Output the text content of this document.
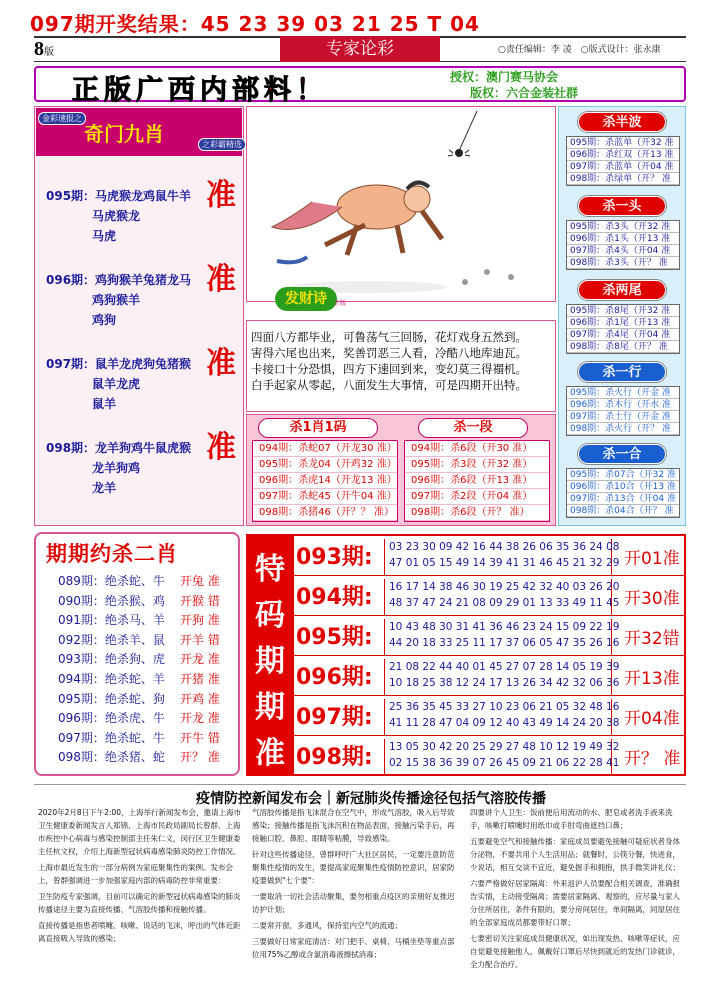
097期开奖结果：45 23 39 03 21 25 T 04
8版	专家论彩	○责任编辑：李 凌　○版式设计：张永康
正版广西内部料！	授权：澳门赛马协会
版权：六合金装社群
金彩速报之
奇门九肖	之彩霸精选
095期：马虎猴龙鸡鼠牛羊
马虎猴龙
马虎
准
096期：鸡狗猴羊兔猪龙马
鸡狗猴羊
鸡狗
准
097期：鼠羊龙虎狗兔猪猴
鼠羊龙虎
鼠羊
准
098期：龙羊狗鸡牛鼠虎猴
龙羊狗鸡
龙羊
准
发财诗	正版
四面八方都毕业，可鲁荡气三回肠，花灯戏身五然到。
害得六尾也出来，奖善罚恶三人看，冷酷八地库迪瓦。
卡接口十分恐惧，四方下速回到来，变幻莫三得禤机。
白手起家从零起，八面发生大事情，可是四期开出特。
杀1肖1码	杀一段
094期：杀蛇07（开龙30 准）
095期：杀龙04（开鸡32 准）
096期：杀虎14（开龙13 准）
097期：杀蛇45（开牛04 准）
098期：杀猪46（开？？ 准）
094期：杀6段（开30 准）
095期：杀3段（开32 准）
096期：杀6段（开13 准）
097期：杀2段（开04 准）
098期：杀6段（开？ 准）
杀半波
095期：杀蓝单（开32 准
096期：杀红双（开13 准
097期：杀蓝单（开04 准
098期：杀绿单（开？ 准
杀一头
095期：杀3头（开32 准
096期：杀1头（开13 准
097期：杀4头（开04 准
098期：杀3头（开？ 准
杀两尾
095期：杀8尾（开32 准
096期：杀1尾（开13 准
097期：杀4尾（开04 准
098期：杀8尾（开？ 准
杀一行
095期：杀火行（开金 准
096期：杀木行（开水 准
097期：杀土行（开金 准
098期：杀火行（开？ 准
杀一合
095期：杀07合（开32 准
096期：杀10合（开13 准
097期：杀13合（开04 准
098期：杀04合（开？ 准
期期约杀二肖
089期：绝杀蛇、牛 开兔 准
090期：绝杀猴、鸡 开猴 错
091期：绝杀马、羊 开狗 准
092期：绝杀羊、鼠 开羊 错
093期：绝杀狗、虎 开龙 准
094期：绝杀蛇、羊 开猪 准
095期：绝杀蛇、狗 开鸡 准
096期：绝杀虎、牛 开龙 准
097期：绝杀蛇、牛 开牛 错
098期：绝杀猪、蛇 开？ 准
特
码
期
期
准
093期: 03 23 30 09 42 16 44 38 26 06 35 36 24 08
47 01 05 15 49 14 39 41 31 46 45 21 32 29 开01准
094期: 16 17 14 38 46 30 19 25 42 32 40 03 26 20
48 37 47 24 21 08 09 29 01 13 33 49 11 45 开30准
095期: 10 43 48 30 31 41 36 46 23 24 15 09 22 19
44 20 18 33 25 11 17 37 06 05 47 35 26 16 开32错
096期: 21 08 22 44 40 01 45 27 07 28 14 05 19 39
10 18 25 38 12 24 17 13 26 34 42 32 06 36 开13准
097期: 25 36 35 45 33 27 10 23 06 21 05 32 48 16
41 11 28 47 04 09 12 40 43 49 14 24 20 38 开04准
098期: 13 05 30 42 20 25 29 27 48 10 12 19 49 32
02 15 38 36 39 07 26 45 09 21 06 22 28 41 开？ 准
疫情防控新闻发布会｜新冠肺炎传播途径包括气溶胶传播

2020年2月8日下午2:00，上海举行新闻发布会，邀请上海市卫生健康委新闻发言人郑锦、上海市民政局副局长曾群、上海市疾控中心病毒与感染控制部主任朱仁义，闵行区卫生健康委主任杭文权，介绍上海新型冠状病毒感染肺炎防控工作情况。

上海市最近发生的一部分病例为家庭聚集性的案例。发布会上，曾群强调进一步加强家庭内部的病毒防控非常重要：

卫生防疫专家强调，目前可以确定的新型冠状病毒感染的肺炎传播途径主要为直接传播、气溶胶传播和接触传播。

直接传播是指患者喷嚏、咳嗽、说话的飞沫，呼出的气体近距离直接吸入导致的感染；

气溶胶传播是指飞沫混合在空气中，形成气溶胶，吸入后导致感染；接触传播是指飞沫沉积在物品表面，接触污染手后，再接触口腔、鼻腔、眼睛等粘膜，导致感染。

针对这些传播途径，曾群呼吁广大社区居民，一定要注意防范聚集性疫情的发生，要提高家庭聚集性疫情防控意识，居家防疫要做到"七个要"：

一要取消一切社会活动聚集，要勿相重点疫区的亲朋好友推迟访护计划；

二要常开窗，多通风，保持室内空气的流通；

三要做好日常家庭清洁：对门把手、桌椅、马桶坐垫等重点部位用75%乙醇或含氯消毒液擦拭消毒；

四要讲个人卫生：饭前便后用流动的水、肥皂或者洗手液来洗手，咳嗽打喷嚏时用纸巾或手肘弯曲遮挡口鼻；

五要避免空气和接触传播：家庭成员要避免接触可疑症状者身体分泌物，不要共用个人生活用品；就餐时，公筷分餐，快进食，少说话，相互交谈不宜近，避免握手和拥抱，拱手微笑讲礼仪；

六要严格做好居家隔离：外来返沪人员要配合相关调查，准确报告实情，主动接受隔离；需要居家隔离、观察的，应尽量与家人分住所居住，条件有限的，要分房间居住，单间隔离，同屋居住的全部家庭成员都要带好口罩；

七要密切关注家庭成员健康状况，如出现发热、咳嗽等症状，应自觉避免接触他人，佩戴好口罩后尽快到就近的发热门诊就诊，全力配合治疗。
